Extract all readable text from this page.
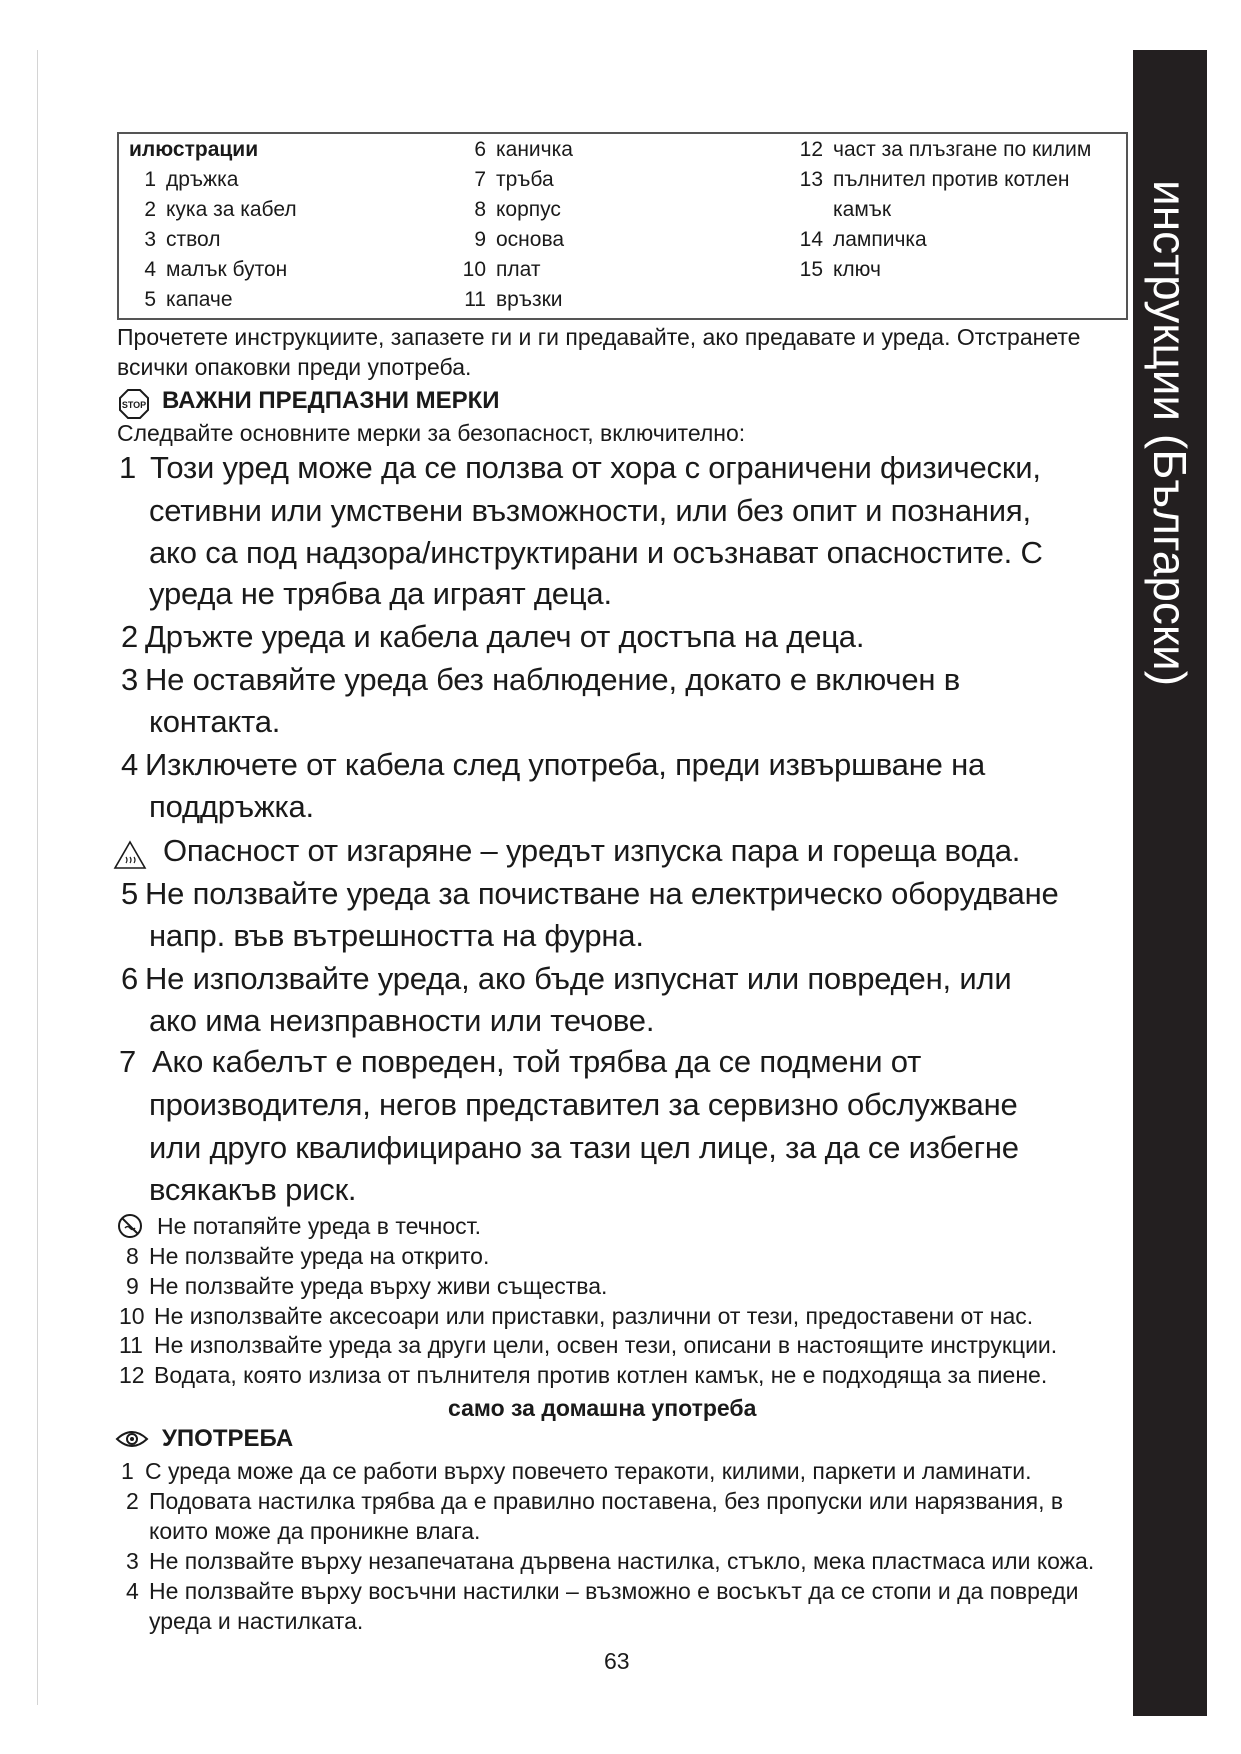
инструкции (Български)
илюстрации
1 дръжка
2 кука за кабел
3 ствол
4 малък бутон
5 капаче
6 каничка
7 тръба
8 корпус
9 основа
10 плат
11 връзки
12 част за плъзгане по килим
13 пълнител против котлен
камък
14 лампичка
15 ключ
Прочетете инструкциите, запазете ги и ги предавайте, ако предавате и уреда. Отстранете
всички опаковки преди употреба.
STOP ВАЖНИ ПРЕДПАЗНИ МЕРКИ
Следвайте основните мерки за безопасност, включително:
1 Този уред може да се ползва от хора с ограничени физически,
сетивни или умствени възможности, или без опит и познания,
ако са под надзора/инструктирани и осъзнават опасностите. С
уреда не трябва да играят деца.
2 Дръжте уреда и кабела далеч от достъпа на деца.
3 Не оставяйте уреда без наблюдение, докато е включен в
контакта.
4 Изключете от кабела след употреба, преди извършване на
поддръжка.
Опасност от изгаряне – уредът изпуска пара и гореща вода.
5 Не ползвайте уреда за почистване на електрическо оборудване
напр. във вътрешността на фурна.
6 Не използвайте уреда, ако бъде изпуснат или повреден, или
ако има неизправности или течове.
7 Ако кабелът е повреден, той трябва да се подмени от
производителя, негов представител за сервизно обслужване
или друго квалифицирано за тази цел лице, за да се избегне
всякакъв риск.
Не потапяйте уреда в течност.
8 Не ползвайте уреда на открито.
9 Не ползвайте уреда върху живи същества.
10 Не използвайте аксесоари или приставки, различни от тези, предоставени от нас.
11 Не използвайте уреда за други цели, освен тези, описани в настоящите инструкции.
12 Водата, която излиза от пълнителя против котлен камък, не е подходяща за пиене.
само за домашна употреба
УПОТРЕБА
1 С уреда може да се работи върху повечето теракоти, килими, паркети и ламинати.
2 Подовата настилка трябва да е правилно поставена, без пропуски или нарязвания, в
които може да проникне влага.
3 Не ползвайте върху незапечатана дървена настилка, стъкло, мека пластмаса или кожа.
4 Не ползвайте върху восъчни настилки – възможно е восъкът да се стопи и да повреди
уреда и настилката.
63
